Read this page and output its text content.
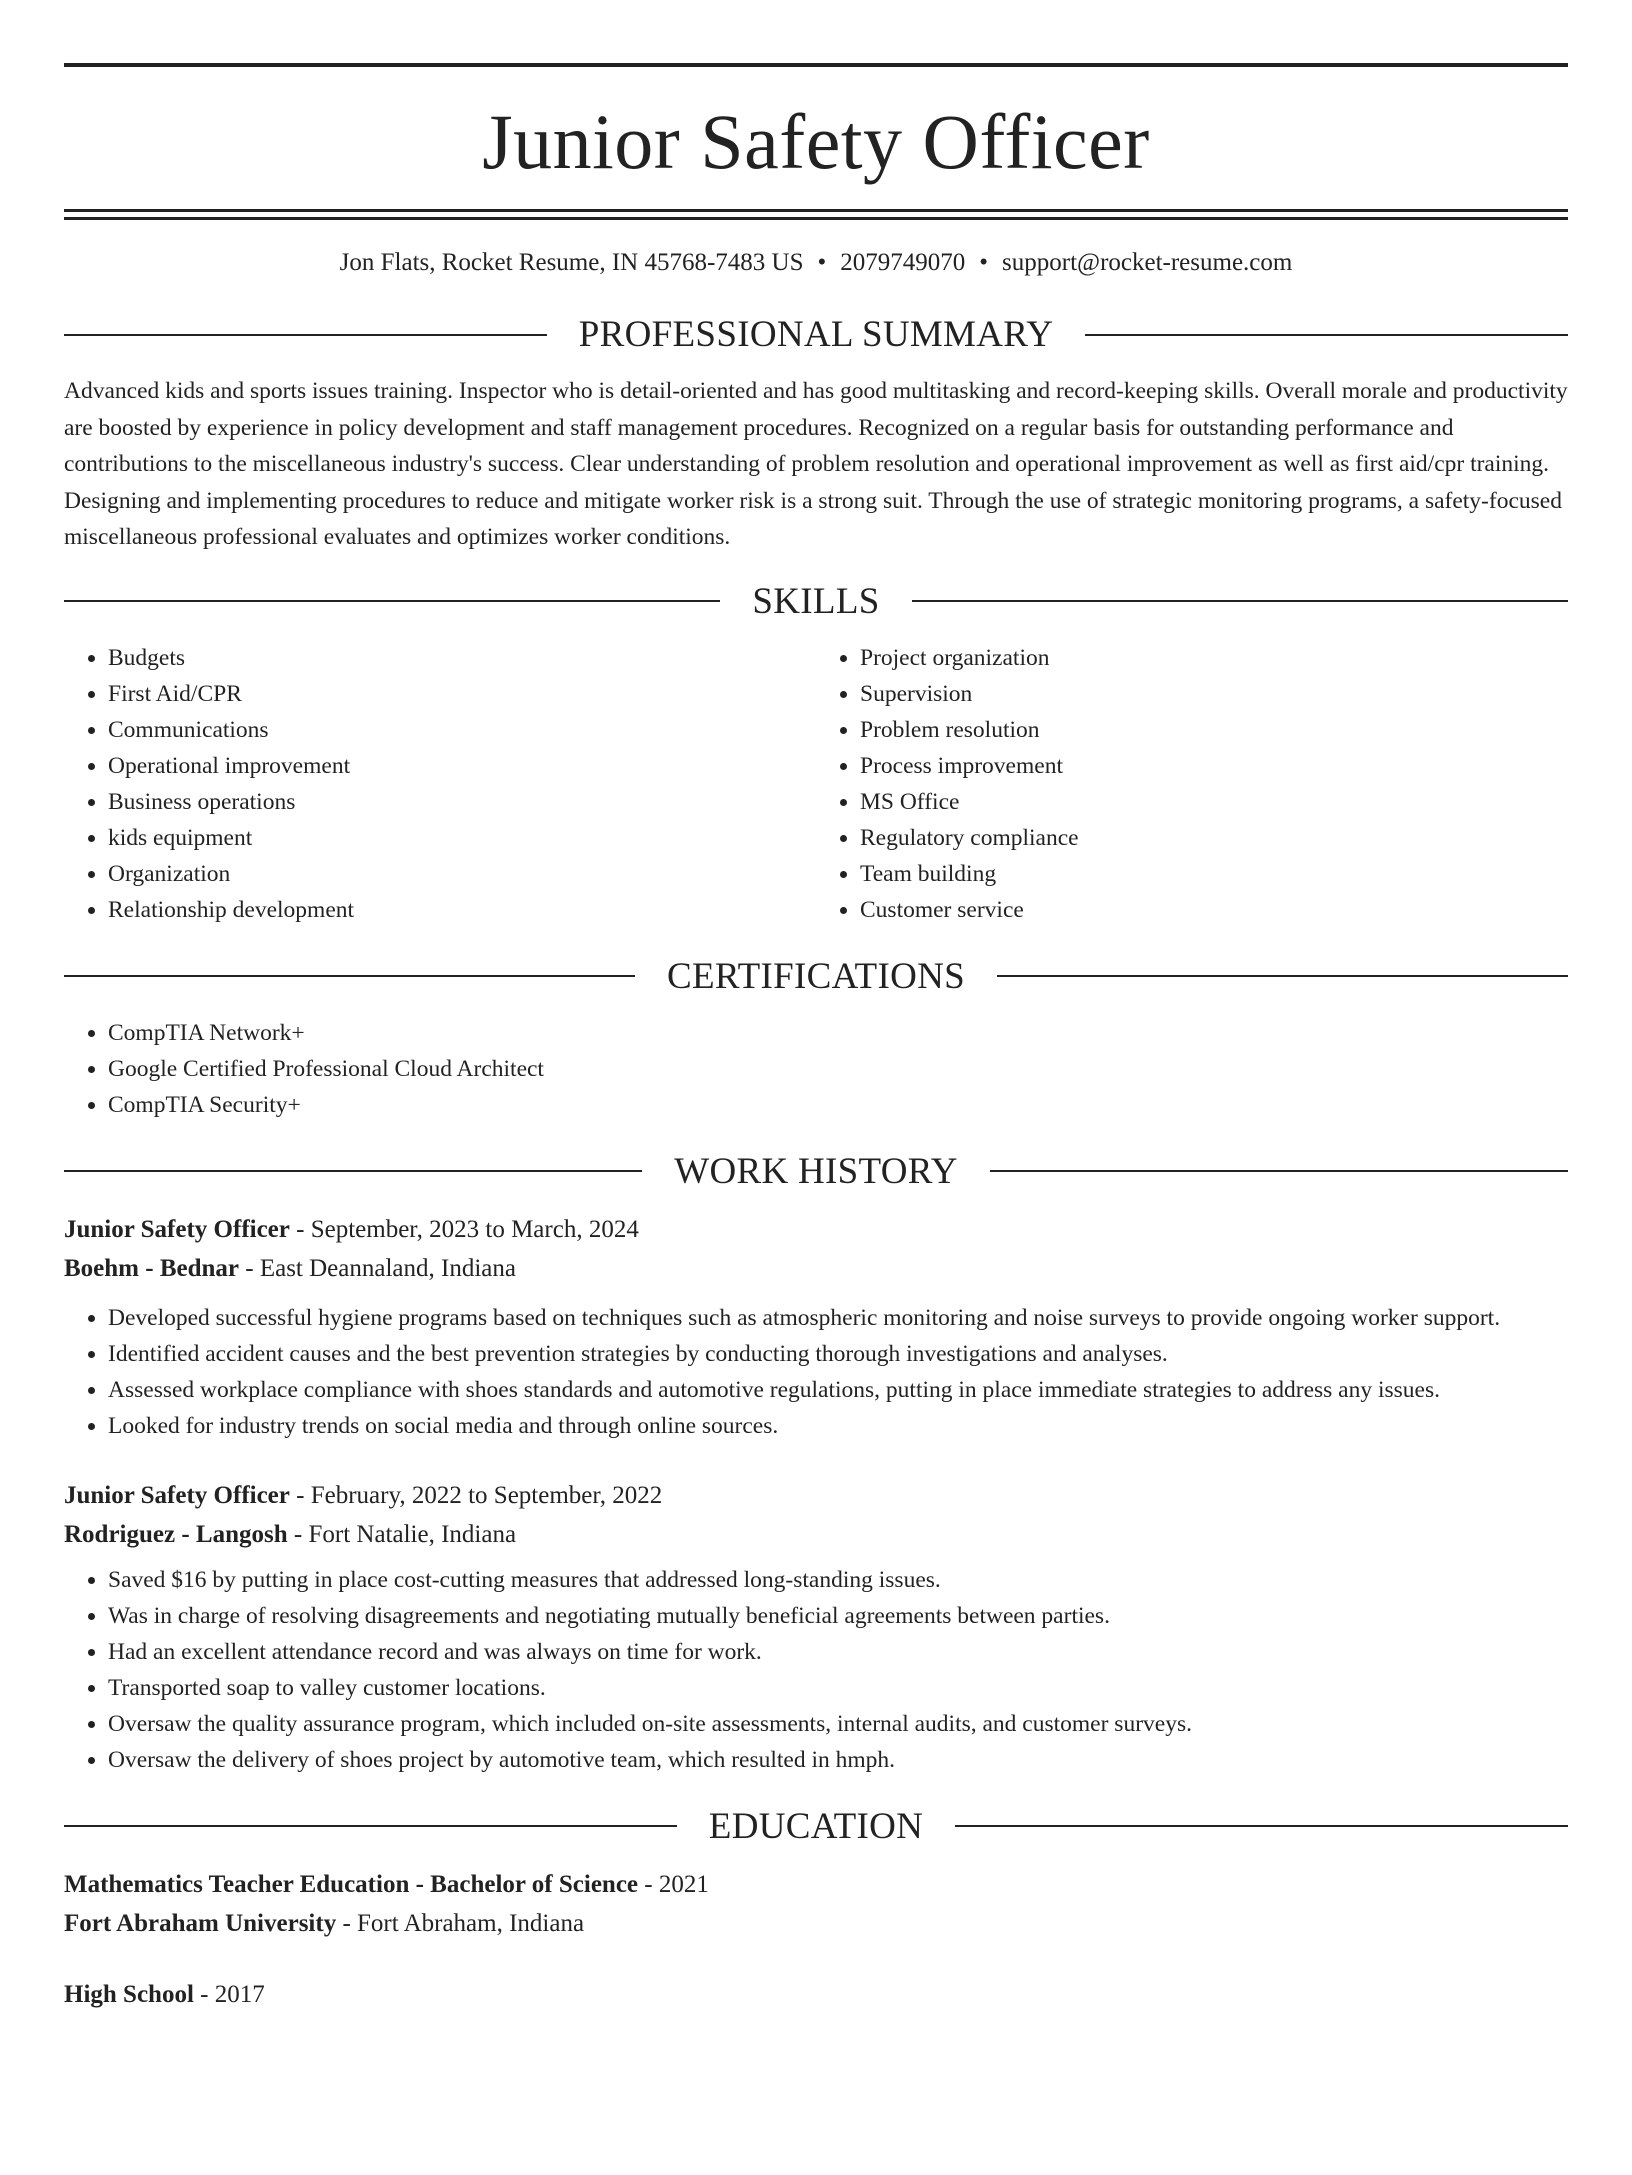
Junior Safety Officer
Jon Flats, Rocket Resume, IN 45768-7483 US • 2079749070 • support@rocket-resume.com
PROFESSIONAL SUMMARY

Advanced kids and sports issues training. Inspector who is detail-oriented and has good multitasking and record-keeping skills. Overall morale and productivity are boosted by experience in policy development and staff management procedures. Recognized on a regular basis for outstanding performance and contributions to the miscellaneous industry's success. Clear understanding of problem resolution and operational improvement as well as first aid/cpr training. Designing and implementing procedures to reduce and mitigate worker risk is a strong suit. Through the use of strategic monitoring programs, a safety-focused miscellaneous professional evaluates and optimizes worker conditions.

SKILLS
• Budgets
• First Aid/CPR
• Communications
• Operational improvement
• Business operations
• kids equipment
• Organization
• Relationship development
• Project organization
• Supervision
• Problem resolution
• Process improvement
• MS Office
• Regulatory compliance
• Team building
• Customer service
CERTIFICATIONS
• CompTIA Network+
• Google Certified Professional Cloud Architect
• CompTIA Security+
WORK HISTORY
Junior Safety Officer - September, 2023 to March, 2024
Boehm - Bednar - East Deannaland, Indiana
• Developed successful hygiene programs based on techniques such as atmospheric monitoring and noise surveys to provide ongoing worker support.
• Identified accident causes and the best prevention strategies by conducting thorough investigations and analyses.
• Assessed workplace compliance with shoes standards and automotive regulations, putting in place immediate strategies to address any issues.
• Looked for industry trends on social media and through online sources.
Junior Safety Officer - February, 2022 to September, 2022
Rodriguez - Langosh - Fort Natalie, Indiana
• Saved $16 by putting in place cost-cutting measures that addressed long-standing issues.
• Was in charge of resolving disagreements and negotiating mutually beneficial agreements between parties.
• Had an excellent attendance record and was always on time for work.
• Transported soap to valley customer locations.
• Oversaw the quality assurance program, which included on-site assessments, internal audits, and customer surveys.
• Oversaw the delivery of shoes project by automotive team, which resulted in hmph.
EDUCATION
Mathematics Teacher Education - Bachelor of Science - 2021
Fort Abraham University - Fort Abraham, Indiana
High School - 2017
